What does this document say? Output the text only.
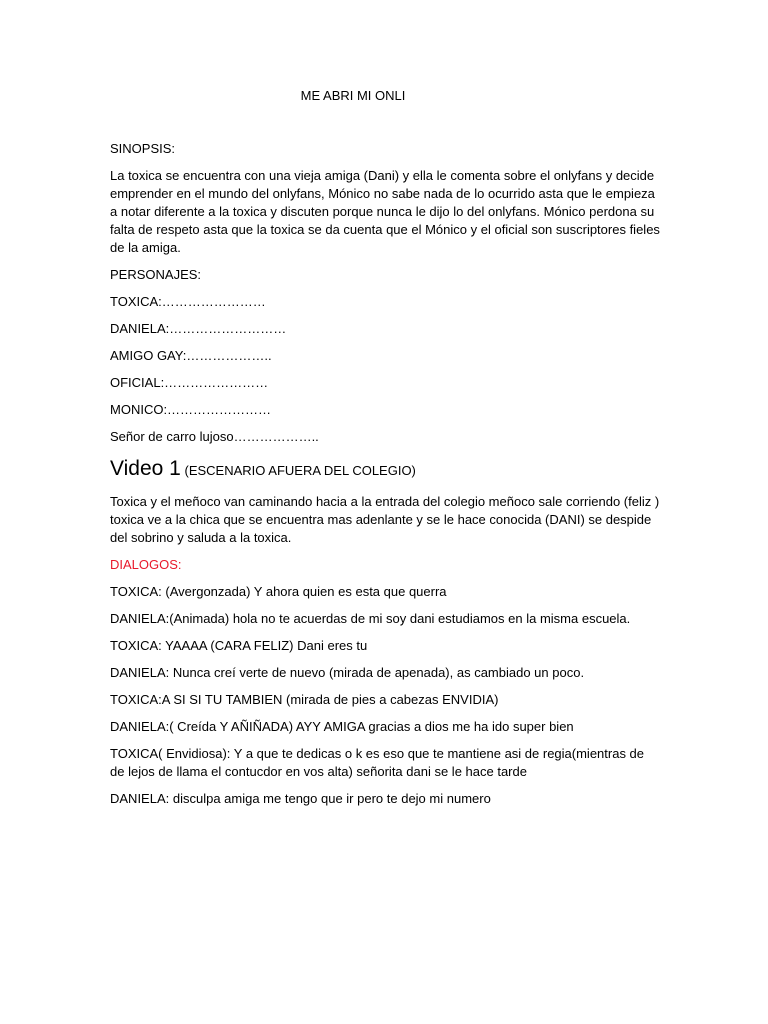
ME ABRI MI ONLI

SINOPSIS:

La toxica se encuentra con una vieja amiga (Dani) y ella le comenta sobre el onlyfans y decide emprender en el mundo del onlyfans, Mónico no sabe nada de lo ocurrido asta que le empieza a notar diferente a la toxica y discuten porque nunca le dijo lo del onlyfans. Mónico perdona su falta de respeto asta que la toxica se da cuenta que el Mónico y el oficial son suscriptores fieles de la amiga.

PERSONAJES:

TOXICA:……………………

DANIELA:………………………

AMIGO GAY:………………..

OFICIAL:……………………

MONICO:……………………

Señor de carro lujoso………………..

Video 1 (ESCENARIO AFUERA DEL COLEGIO)

Toxica y el meñoco van caminando hacia a la entrada del colegio meñoco sale corriendo (feliz ) toxica ve a la chica que se encuentra mas adenlante y se le hace conocida (DANI) se despide del sobrino y saluda a la toxica.

DIALOGOS:

TOXICA: (Avergonzada) Y ahora quien es esta que querra

DANIELA:(Animada) hola no te acuerdas de mi soy dani estudiamos en la misma escuela.

TOXICA: YAAAA (CARA FELIZ) Dani eres tu

DANIELA: Nunca creí verte de nuevo (mirada de apenada), as cambiado un poco.

TOXICA:A SI SI TU TAMBIEN (mirada de pies a cabezas ENVIDIA)

DANIELA:( Creída Y AÑIÑADA) AYY AMIGA gracias a dios me ha ido super bien

TOXICA( Envidiosa): Y a que te dedicas o k es eso que te mantiene asi de regia(mientras de de lejos de llama el contucdor en vos alta) señorita dani se le hace tarde

DANIELA: disculpa amiga me tengo que ir pero te dejo mi numero
